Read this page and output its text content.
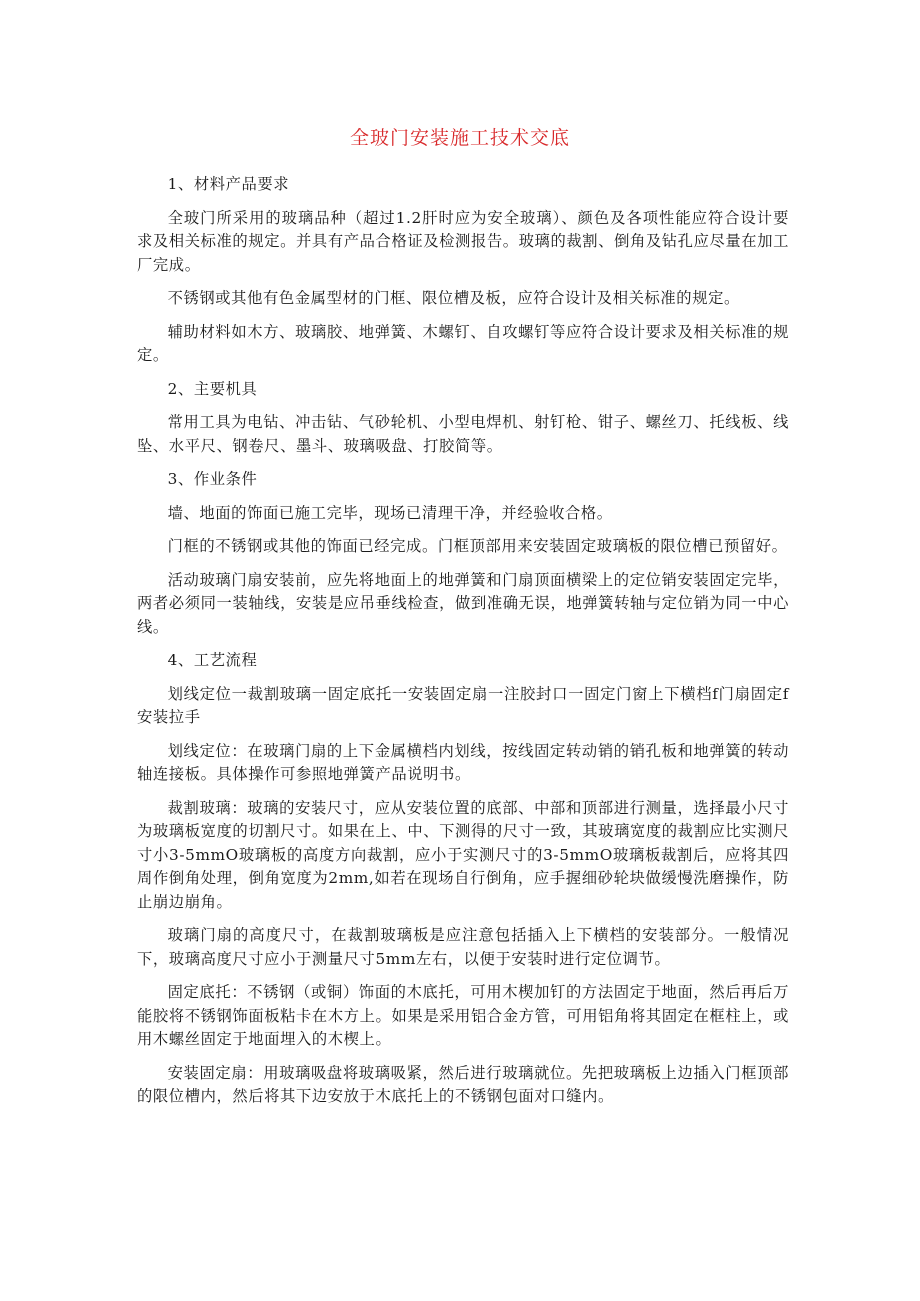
全玻门安装施工技术交底

1、材料产品要求

全玻门所采用的玻璃品种（超过1.2肝时应为安全玻璃）、颜色及各项性能应符合设计要求及相关标准的规定。并具有产品合格证及检测报告。玻璃的裁割、倒角及钻孔应尽量在加工厂完成。

不锈钢或其他有色金属型材的门框、限位槽及板，应符合设计及相关标准的规定。

辅助材料如木方、玻璃胶、地弹簧、木螺钉、自攻螺钉等应符合设计要求及相关标准的规定。

2、主要机具

常用工具为电钻、冲击钻、气砂轮机、小型电焊机、射钉枪、钳子、螺丝刀、托线板、线坠、水平尺、钢卷尺、墨斗、玻璃吸盘、打胶简等。

3、作业条件

墙、地面的饰面已施工完毕，现场已清理干净，并经验收合格。

门框的不锈钢或其他的饰面已经完成。门框顶部用来安装固定玻璃板的限位槽已预留好。

活动玻璃门扇安装前，应先将地面上的地弹簧和门扇顶面横梁上的定位销安装固定完毕，两者必须同一装轴线，安装是应吊垂线检查，做到准确无误，地弹簧转轴与定位销为同一中心线。

4、工艺流程

划线定位一裁割玻璃一固定底托一安装固定扇一注胶封口一固定门窗上下横档f门扇固定f安装拉手

划线定位：在玻璃门扇的上下金属横档内划线，按线固定转动销的销孔板和地弹簧的转动轴连接板。具体操作可参照地弹簧产品说明书。

裁割玻璃：玻璃的安装尺寸，应从安装位置的底部、中部和顶部进行测量，选择最小尺寸为玻璃板宽度的切割尺寸。如果在上、中、下测得的尺寸一致，其玻璃宽度的裁割应比实测尺寸小3-5mmO玻璃板的高度方向裁割，应小于实测尺寸的3-5mmO玻璃板裁割后，应将其四周作倒角处理，倒角宽度为2mm,如若在现场自行倒角，应手握细砂轮块做缓慢洗磨操作，防止崩边崩角。

玻璃门扇的高度尺寸，在裁割玻璃板是应注意包括插入上下横档的安装部分。一般情况下，玻璃高度尺寸应小于测量尺寸5mm左右，以便于安装时进行定位调节。

固定底托：不锈钢（或铜）饰面的木底托，可用木楔加钉的方法固定于地面，然后再后万能胶将不锈钢饰面板粘卡在木方上。如果是采用铝合金方管，可用铝角将其固定在框柱上，或用木螺丝固定于地面埋入的木楔上。

安装固定扇：用玻璃吸盘将玻璃吸紧，然后进行玻璃就位。先把玻璃板上边插入门框顶部的限位槽内，然后将其下边安放于木底托上的不锈钢包面对口缝内。
